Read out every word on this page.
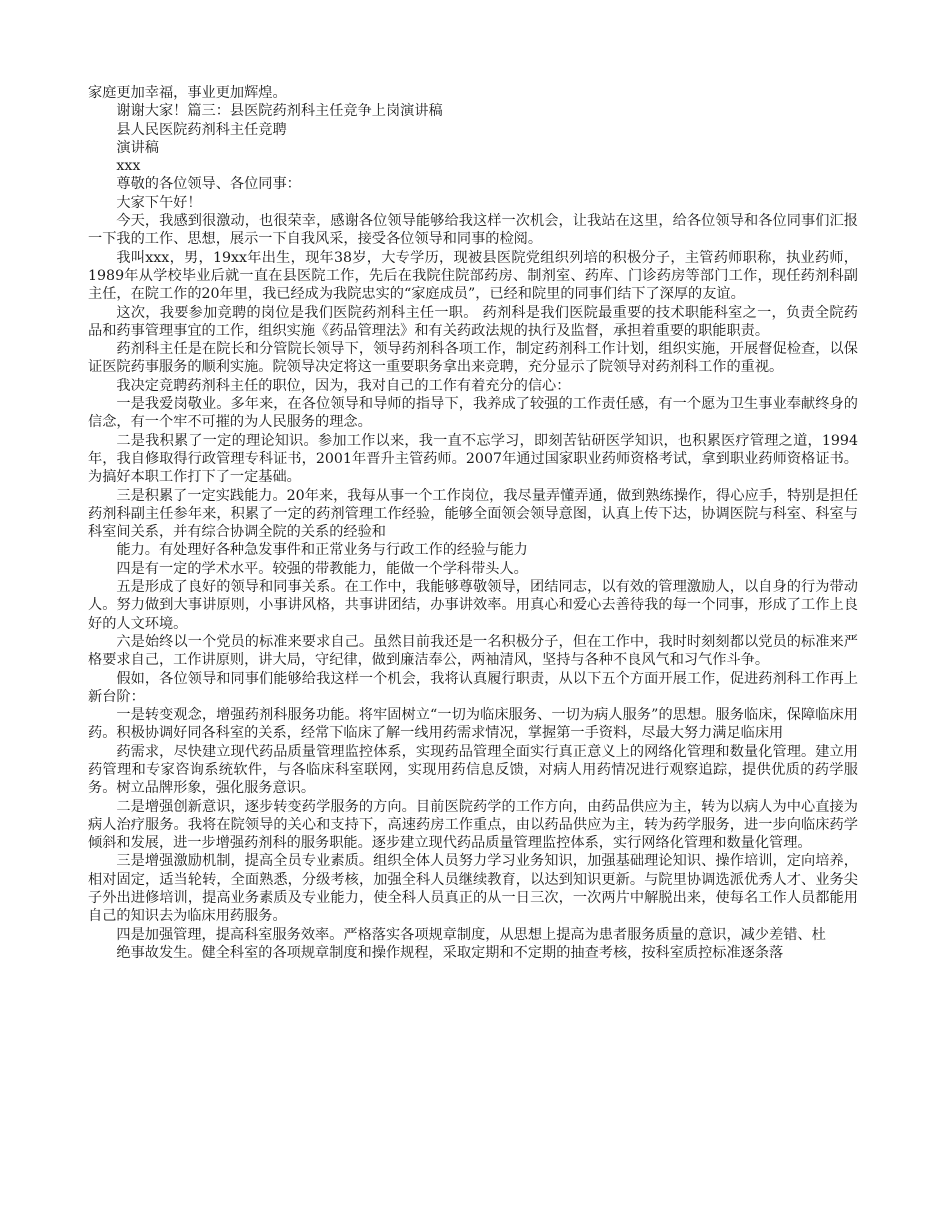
家庭更加幸福，事业更加辉煌。

谢谢大家！篇三：县医院药剂科主任竞争上岗演讲稿

县人民医院药剂科主任竞聘

演讲稿

xxx

尊敬的各位领导、各位同事：

大家下午好！

今天，我感到很激动，也很荣幸，感谢各位领导能够给我这样一次机会，让我站在这里，给各位领导和各位同事们汇报一下我的工作、思想，展示一下自我风采，接受各位领导和同事的检阅。

我叫xxx，男，19xx年出生，现年38岁，大专学历，现被县医院党组织列培的积极分子，主管药师职称，执业药师， 1989年从学校毕业后就一直在县医院工作，先后在我院住院部药房、制剂室、药库、门诊药房等部门工作，现任药剂科副主任，在院工作的20年里，我已经成为我院忠实的“家庭成员”，已经和院里的同事们结下了深厚的友谊。

这次，我要参加竞聘的岗位是我们医院药剂科主任一职。 药剂科是我们医院最重要的技术职能科室之一，负责全院药品和药事管理事宜的工作，组织实施《药品管理法》和有关药政法规的执行及监督，承担着重要的职能职责。

药剂科主任是在院长和分管院长领导下，领导药剂科各项工作，制定药剂科工作计划，组织实施，开展督促检查，以保证医院药事服务的顺利实施。院领导决定将这一重要职务拿出来竞聘，充分显示了院领导对药剂科工作的重视。

我决定竞聘药剂科主任的职位，因为，我对自己的工作有着充分的信心：

一是我爱岗敬业。多年来，在各位领导和导师的指导下，我养成了较强的工作责任感，有一个愿为卫生事业奉献终身的信念，有一个牢不可摧的为人民服务的理念。

二是我积累了一定的理论知识。参加工作以来，我一直不忘学习，即刻苦钻研医学知识，也积累医疗管理之道，1994年，我自修取得行政管理专科证书，2001年晋升主管药师。2007年通过国家职业药师资格考试，拿到职业药师资格证书。为搞好本职工作打下了一定基础。

三是积累了一定实践能力。20年来，我每从事一个工作岗位，我尽量弄懂弄通，做到熟练操作，得心应手，特别是担任药剂科副主任参年来，积累了一定的药剂管理工作经验，能够全面领会领导意图，认真上传下达，协调医院与科室、科室与科室间关系，并有综合协调全院的关系的经验和

能力。有处理好各种急发事件和正常业务与行政工作的经验与能力

四是有一定的学术水平。较强的带教能力，能做一个学科带头人。

五是形成了良好的领导和同事关系。在工作中，我能够尊敬领导，团结同志，以有效的管理激励人，以自身的行为带动人。努力做到大事讲原则，小事讲风格，共事讲团结，办事讲效率。用真心和爱心去善待我的每一个同事，形成了工作上良好的人文环境。

六是始终以一个党员的标准来要求自己。虽然目前我还是一名积极分子，但在工作中，我时时刻刻都以党员的标准来严格要求自己，工作讲原则，讲大局，守纪律，做到廉洁奉公，两袖清风，坚持与各种不良风气和习气作斗争。

假如，各位领导和同事们能够给我这样一个机会，我将认真履行职责，从以下五个方面开展工作，促进药剂科工作再上新台阶：

一是转变观念，增强药剂科服务功能。将牢固树立“一切为临床服务、一切为病人服务”的思想。服务临床，保障临床用药。积极协调好同各科室的关系，经常下临床了解一线用药需求情况，掌握第一手资料，尽最大努力满足临床用

药需求，尽快建立现代药品质量管理监控体系，实现药品管理全面实行真正意义上的网络化管理和数量化管理。建立用药管理和专家咨询系统软件，与各临床科室联网，实现用药信息反馈，对病人用药情况进行观察追踪，提供优质的药学服务。树立品牌形象，强化服务意识。

二是增强创新意识，逐步转变药学服务的方向。目前医院药学的工作方向，由药品供应为主，转为以病人为中心直接为病人治疗服务。我将在院领导的关心和支持下，高速药房工作重点，由以药品供应为主，转为药学服务，进一步向临床药学倾斜和发展，进一步增强药剂科的服务职能。逐步建立现代药品质量管理监控体系，实行网络化管理和数量化管理。

三是增强激励机制，提高全员专业素质。组织全体人员努力学习业务知识，加强基础理论知识、操作培训，定向培养，相对固定，适当轮转，全面熟悉，分级考核，加强全科人员继续教育，以达到知识更新。与院里协调选派优秀人才、业务尖子外出进修培训，提高业务素质及专业能力，使全科人员真正的从一日三次，一次两片中解脱出来，使每名工作人员都能用自己的知识去为临床用药服务。

四是加强管理，提高科室服务效率。严格落实各项规章制度，从思想上提高为患者服务质量的意识，减少差错、杜

绝事故发生。健全科室的各项规章制度和操作规程，采取定期和不定期的抽查考核，按科室质控标准逐条落
